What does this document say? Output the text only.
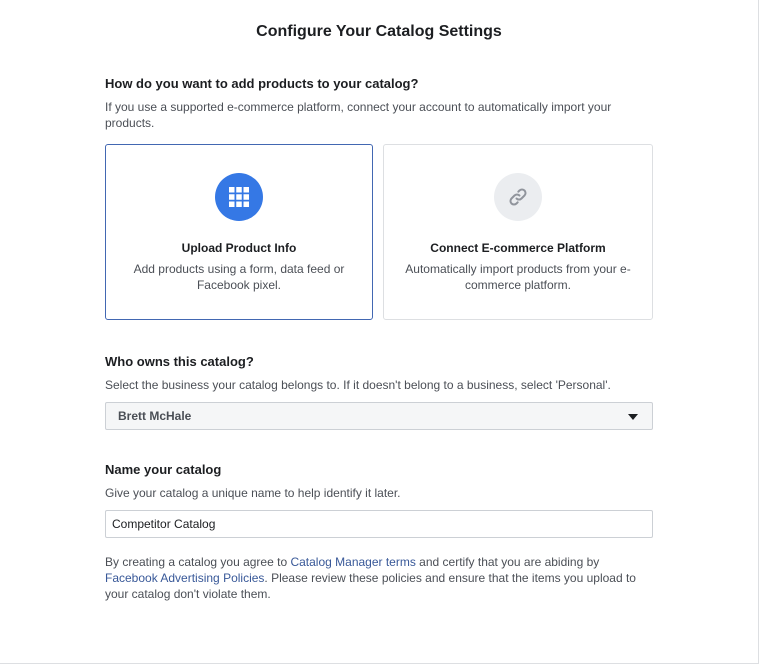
Configure Your Catalog Settings
How do you want to add products to your catalog?
If you use a supported e-commerce platform, connect your account to automatically import your products.
Upload Product Info
Add products using a form, data feed or Facebook pixel.
Connect E-commerce Platform
Automatically import products from your e-commerce platform.
Who owns this catalog?
Select the business your catalog belongs to. If it doesn't belong to a business, select 'Personal'.
Brett McHale
Name your catalog
Give your catalog a unique name to help identify it later.
Competitor Catalog
By creating a catalog you agree to Catalog Manager terms and certify that you are abiding by Facebook Advertising Policies. Please review these policies and ensure that the items you upload to your catalog don't violate them.
